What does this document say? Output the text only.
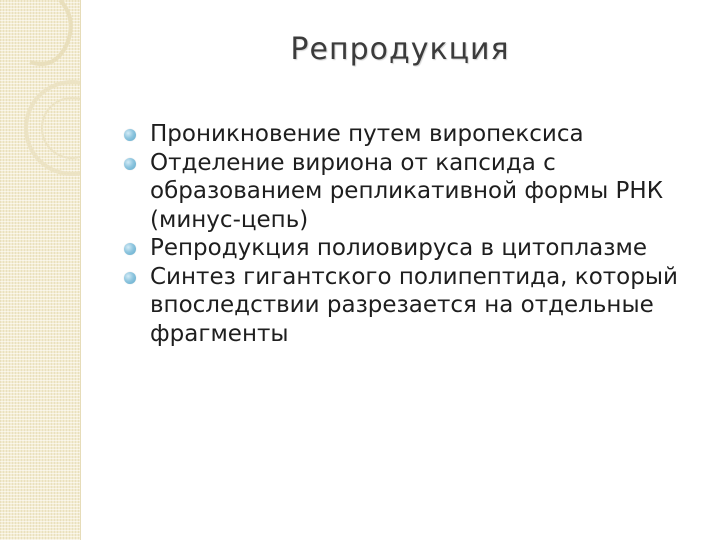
Репродукция
Проникновение путем виропексиса
Отделение вириона от капсида с образованием репликативной формы РНК (минус-цепь)
Репродукция полиовируса в цитоплазме
Синтез гигантского полипептида, который впоследствии разрезается на отдельные фрагменты
